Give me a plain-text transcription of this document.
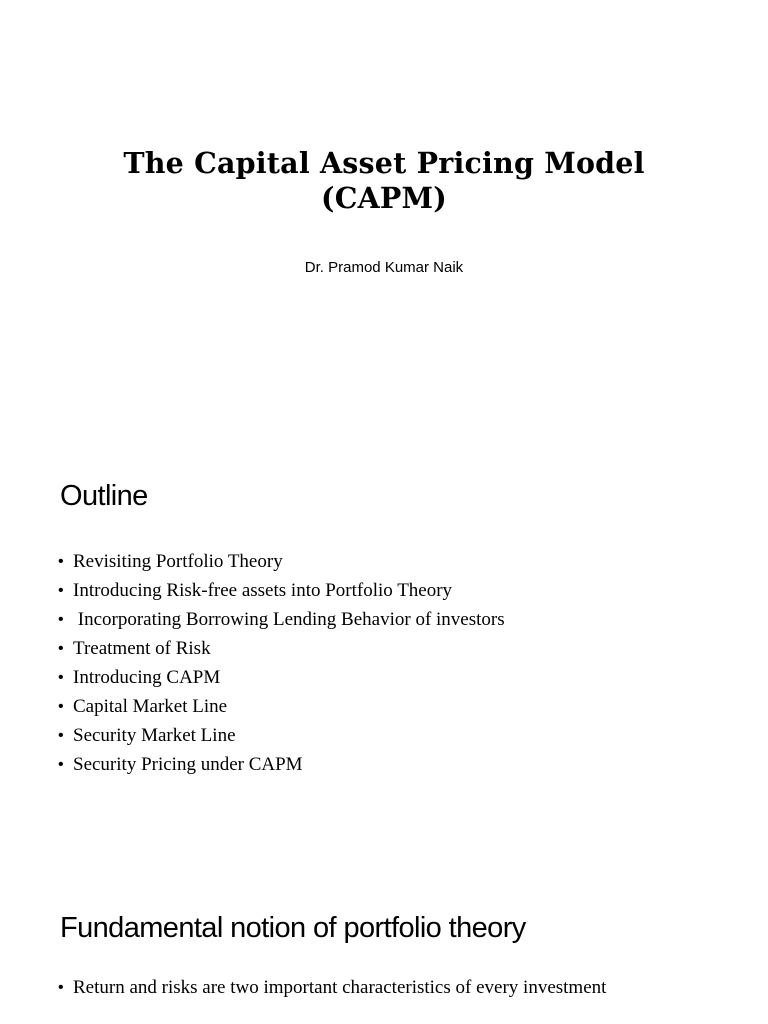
The Capital Asset Pricing Model
(CAPM)
Dr. Pramod Kumar Naik
Outline
• Revisiting Portfolio Theory
• Introducing Risk-free assets into Portfolio Theory
• Incorporating Borrowing Lending Behavior of investors
• Treatment of Risk
• Introducing CAPM
• Capital Market Line
• Security Market Line
• Security Pricing under CAPM
Fundamental notion of portfolio theory
• Return and risks are two important characteristics of every investment
